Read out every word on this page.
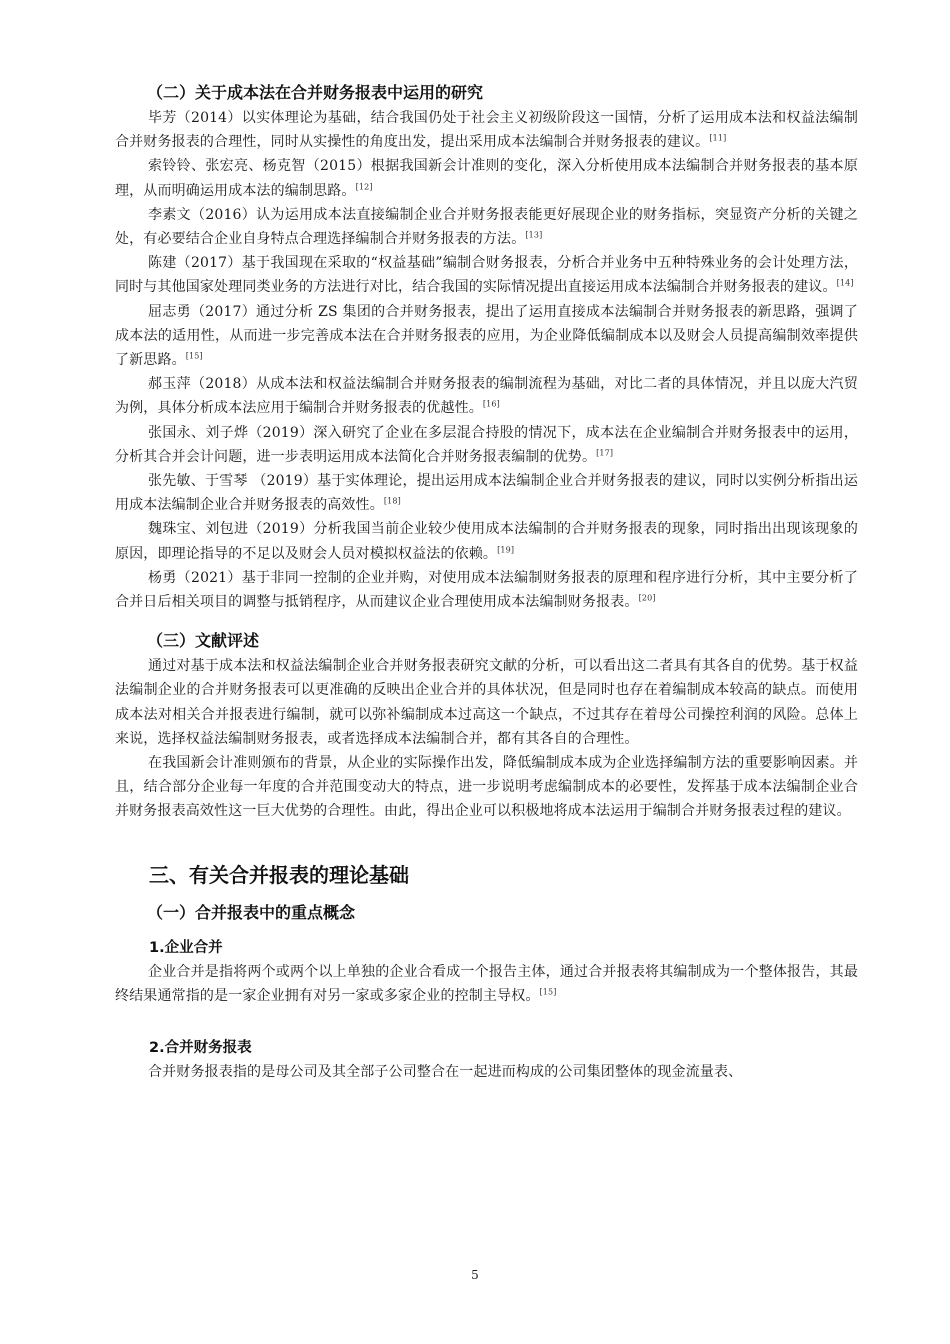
（二）关于成本法在合并财务报表中运用的研究

毕芳（2014）以实体理论为基础，结合我国仍处于社会主义初级阶段这一国情，分析了运用成本法和权益法编制合并财务报表的合理性，同时从实操性的角度出发，提出采用成本法编制合并财务报表的建议。[11]

索铃铃、张宏亮、杨克智（2015）根据我国新会计准则的变化，深入分析使用成本法编制合并财务报表的基本原理，从而明确运用成本法的编制思路。[12]

李素文（2016）认为运用成本法直接编制企业合并财务报表能更好展现企业的财务指标，突显资产分析的关键之处，有必要结合企业自身特点合理选择编制合并财务报表的方法。[13]

陈建（2017）基于我国现在采取的“权益基础”编制合财务报表，分析合并业务中五种特殊业务的会计处理方法，同时与其他国家处理同类业务的方法进行对比，结合我国的实际情况提出直接运用成本法编制合并财务报表的建议。[14]

屈志勇（2017）通过分析 ZS 集团的合并财务报表，提出了运用直接成本法编制合并财务报表的新思路，强调了成本法的适用性，从而进一步完善成本法在合并财务报表的应用，为企业降低编制成本以及财会人员提高编制效率提供了新思路。[15]

郝玉萍（2018）从成本法和权益法编制合并财务报表的编制流程为基础，对比二者的具体情况，并且以庞大汽贸为例，具体分析成本法应用于编制合并财务报表的优越性。[16]

张国永、刘子烨（2019）深入研究了企业在多层混合持股的情况下，成本法在企业编制合并财务报表中的运用，分析其合并会计问题，进一步表明运用成本法简化合并财务报表编制的优势。[17]

张先敏、于雪琴 （2019）基于实体理论，提出运用成本法编制企业合并财务报表的建议，同时以实例分析指出运用成本法编制企业合并财务报表的高效性。[18]

魏珠宝、刘包进（2019）分析我国当前企业较少使用成本法编制的合并财务报表的现象，同时指出出现该现象的原因，即理论指导的不足以及财会人员对模拟权益法的依赖。[19]

杨勇（2021）基于非同一控制的企业并购，对使用成本法编制财务报表的原理和程序进行分析，其中主要分析了合并日后相关项目的调整与抵销程序，从而建议企业合理使用成本法编制财务报表。[20]

（三）文献评述

通过对基于成本法和权益法编制企业合并财务报表研究文献的分析，可以看出这二者具有其各自的优势。基于权益法编制企业的合并财务报表可以更准确的反映出企业合并的具体状况，但是同时也存在着编制成本较高的缺点。而使用成本法对相关合并报表进行编制，就可以弥补编制成本过高这一个缺点，不过其存在着母公司操控利润的风险。总体上来说，选择权益法编制财务报表，或者选择成本法编制合并，都有其各自的合理性。

在我国新会计准则颁布的背景，从企业的实际操作出发，降低编制成本成为企业选择编制方法的重要影响因素。并且，结合部分企业每一年度的合并范围变动大的特点，进一步说明考虑编制成本的必要性，发挥基于成本法编制企业合并财务报表高效性这一巨大优势的合理性。由此，得出企业可以积极地将成本法运用于编制合并财务报表过程的建议。

三、有关合并报表的理论基础
（一）合并报表中的重点概念
1.企业合并

企业合并是指将两个或两个以上单独的企业合看成一个报告主体，通过合并报表将其编制成为一个整体报告，其最终结果通常指的是一家企业拥有对另一家或多家企业的控制主导权。[15]

2.合并财务报表

合并财务报表指的是母公司及其全部子公司整合在一起进而构成的公司集团整体的现金流量表、

5
